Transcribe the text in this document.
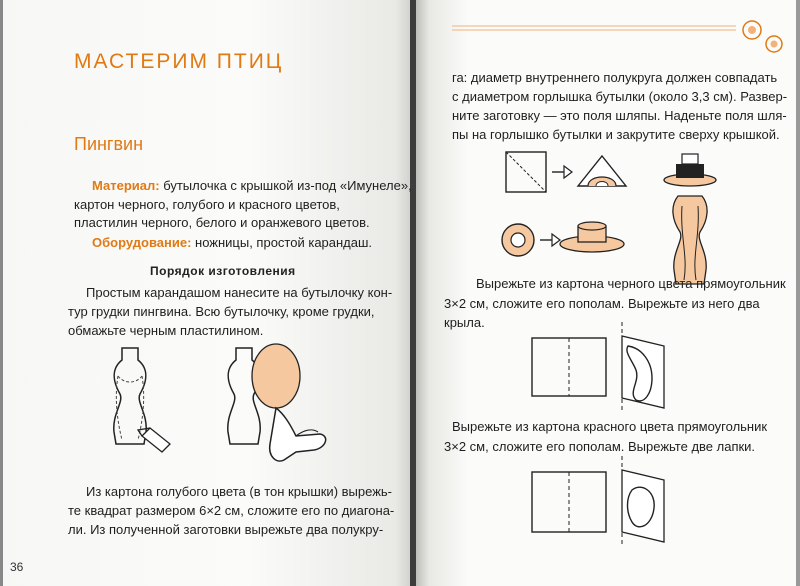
МАСТЕРИМ ПТИЦ
Пингвин
Материал: бутылочка с крышкой из-под «Имунеле»,
картон черного, голубого и красного цветов,
пластилин черного, белого и оранжевого цветов.
Оборудование: ножницы, простой карандаш.
Порядок изготовления
Простым карандашом нанесите на бутылочку кон-
тур грудки пингвина. Всю бутылочку, кроме грудки,
обмажьте черным пластилином.
Из картона голубого цвета (в тон крышки) вырежь-
те квадрат размером 6×2 см, сложите его по диагона-
ли. Из полученной заготовки вырежьте два полукру-
36
га: диаметр внутреннего полукруга должен совпадать
с диаметром горлышка бутылки (около 3,3 см). Развер-
ните заготовку — это поля шляпы. Наденьте поля шля-
пы на горлышко бутылки и закрутите сверху крышкой.
Вырежьте из картона черного цвета прямоугольник
3×2 см, сложите его пополам. Вырежьте из него два
крыла.
Вырежьте из картона красного цвета прямоугольник
3×2 см, сложите его пополам. Вырежьте две лапки.
